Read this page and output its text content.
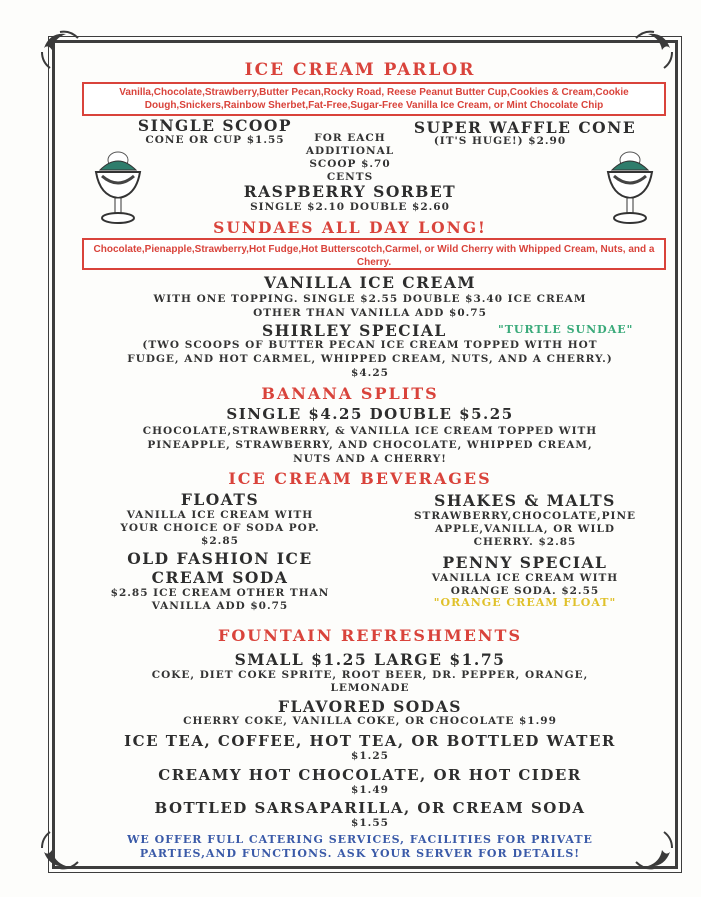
ICE CREAM PARLOR
Vanilla,Chocolate,Strawberry,Butter Pecan,Rocky Road, Reese Peanut Butter Cup,Cookies & Cream,Cookie Dough,Snickers,Rainbow Sherbet,Fat-Free,Sugar-Free Vanilla Ice Cream, or Mint Chocolate Chip
SINGLE SCOOP
CONE OR CUP $1.55	FOR EACH ADDITIONAL SCOOP $.70 CENTS
SUPER WAFFLE CONE
(IT'S HUGE!) $2.90
RASPBERRY SORBET
SINGLE $2.10 DOUBLE $2.60
SUNDAES ALL DAY LONG!
Chocolate,Pienapple,Strawberry,Hot Fudge,Hot Butterscotch,Carmel, or Wild Cherry with Whipped Cream, Nuts, and a Cherry.
VANILLA ICE CREAM
WITH ONE TOPPING. SINGLE $2.55 DOUBLE $3.40 ICE CREAM
OTHER THAN VANILLA ADD $0.75
SHIRLEY SPECIAL	"TURTLE SUNDAE"
(TWO SCOOPS OF BUTTER PECAN ICE CREAM TOPPED WITH HOT
FUDGE, AND HOT CARMEL, WHIPPED CREAM, NUTS, AND A CHERRY.)
$4.25
BANANA SPLITS
SINGLE $4.25 DOUBLE $5.25
CHOCOLATE,STRAWBERRY, & VANILLA ICE CREAM TOPPED WITH
PINEAPPLE, STRAWBERRY, AND CHOCOLATE, WHIPPED CREAM,
NUTS AND A CHERRY!
ICE CREAM BEVERAGES
FLOATS
VANILLA ICE CREAM WITH
YOUR CHOICE OF SODA POP.
$2.85
SHAKES & MALTS
STRAWBERRY,CHOCOLATE,PINE
APPLE,VANILLA, OR WILD
CHERRY. $2.85
OLD FASHION ICE
CREAM SODA
$2.85 ICE CREAM OTHER THAN
VANILLA ADD $0.75
PENNY SPECIAL
VANILLA ICE CREAM WITH
ORANGE SODA. $2.55
"ORANGE CREAM FLOAT"
FOUNTAIN REFRESHMENTS
SMALL $1.25 LARGE $1.75
COKE, DIET COKE SPRITE, ROOT BEER, DR. PEPPER, ORANGE,
LEMONADE
FLAVORED SODAS
CHERRY COKE, VANILLA COKE, OR CHOCOLATE $1.99
ICE TEA, COFFEE, HOT TEA, OR BOTTLED WATER
$1.25
CREAMY HOT CHOCOLATE, OR HOT CIDER
$1.49
BOTTLED SARSAPARILLA, OR CREAM SODA
$1.55
WE OFFER FULL CATERING SERVICES, FACILITIES FOR PRIVATE
PARTIES,AND FUNCTIONS. ASK YOUR SERVER FOR DETAILS!
